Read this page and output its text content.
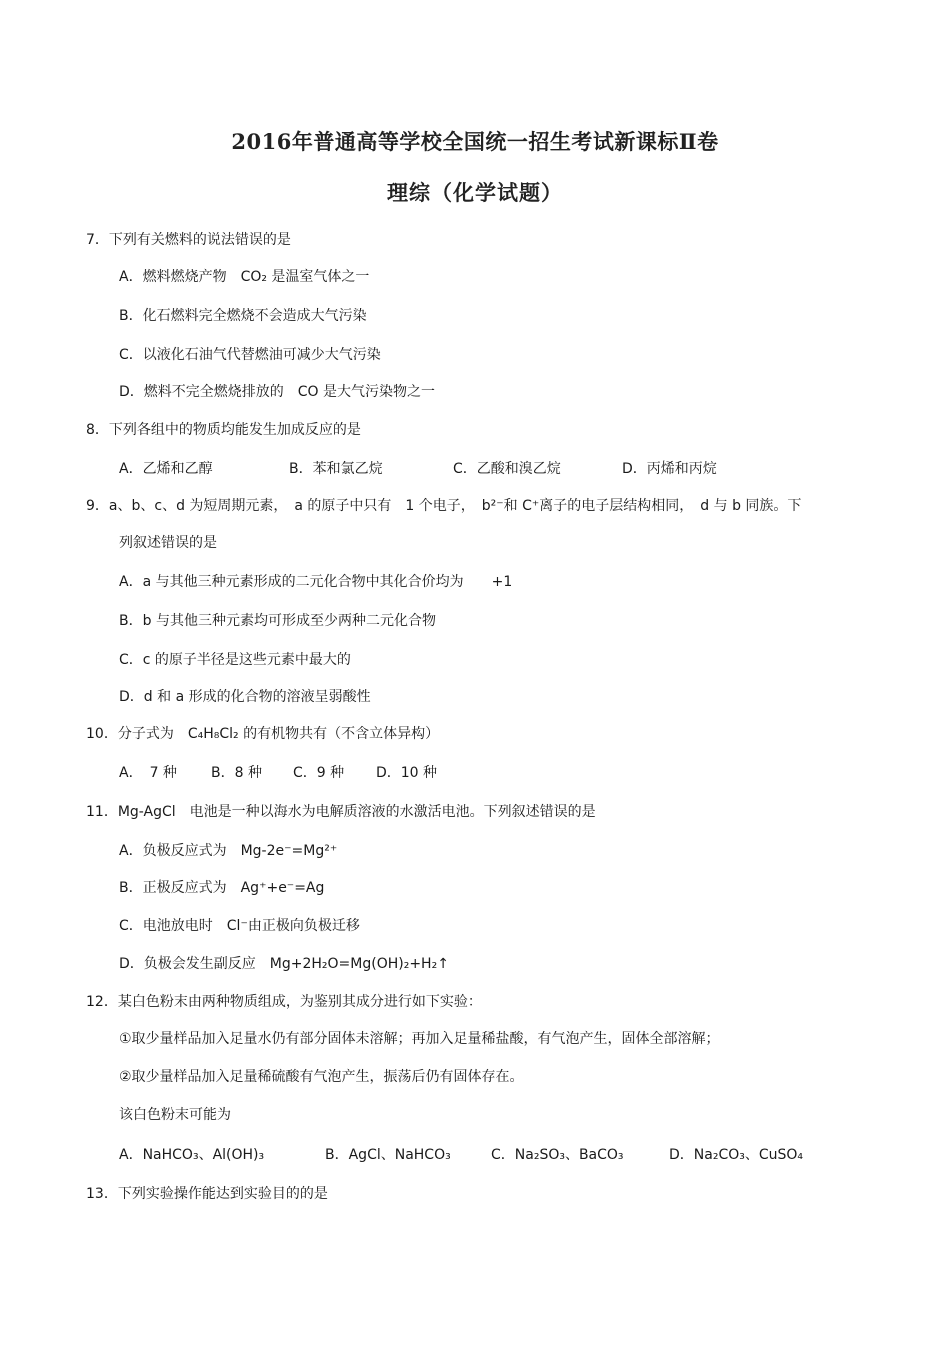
2016年普通高等学校全国统一招生考试新课标Ⅱ卷
理综（化学试题）
7．下列有关燃料的说法错误的是
A．燃料燃烧产物　CO₂ 是温室气体之一
B．化石燃料完全燃烧不会造成大气污染
C．以液化石油气代替燃油可减少大气污染
D．燃料不完全燃烧排放的　CO 是大气污染物之一
8．下列各组中的物质均能发生加成反应的是
A．乙烯和乙醇	B．苯和氯乙烷	C．乙酸和溴乙烷	D．丙烯和丙烷
9．a、b、c、d 为短周期元素，　a 的原子中只有　1 个电子，　b²⁻和 C⁺离子的电子层结构相同，　d 与 b 同族。下
列叙述错误的是
A．a 与其他三种元素形成的二元化合物中其化合价均为　　+1
B．b 与其他三种元素均可形成至少两种二元化合物
C．c 的原子半径是这些元素中最大的
D．d 和 a 形成的化合物的溶液呈弱酸性
10．分子式为　C₄H₈Cl₂ 的有机物共有（不含立体异构）
A．　7 种 B．8 种 C．9 种 D．10 种
11．Mg-AgCl　电池是一种以海水为电解质溶液的水激活电池。下列叙述错误的是
A．负极反应式为　Mg-2e⁻=Mg²⁺
B．正极反应式为　Ag⁺+e⁻=Ag
C．电池放电时　Cl⁻由正极向负极迁移
D．负极会发生副反应　Mg+2H₂O=Mg(OH)₂+H₂↑
12．某白色粉末由两种物质组成，为鉴别其成分进行如下实验：
①取少量样品加入足量水仍有部分固体未溶解；再加入足量稀盐酸，有气泡产生，固体全部溶解；
②取少量样品加入足量稀硫酸有气泡产生，振荡后仍有固体存在。
该白色粉末可能为
A．NaHCO₃、Al(OH)₃	B．AgCl、NaHCO₃	C．Na₂SO₃、BaCO₃	D．Na₂CO₃、CuSO₄
13．下列实验操作能达到实验目的的是
